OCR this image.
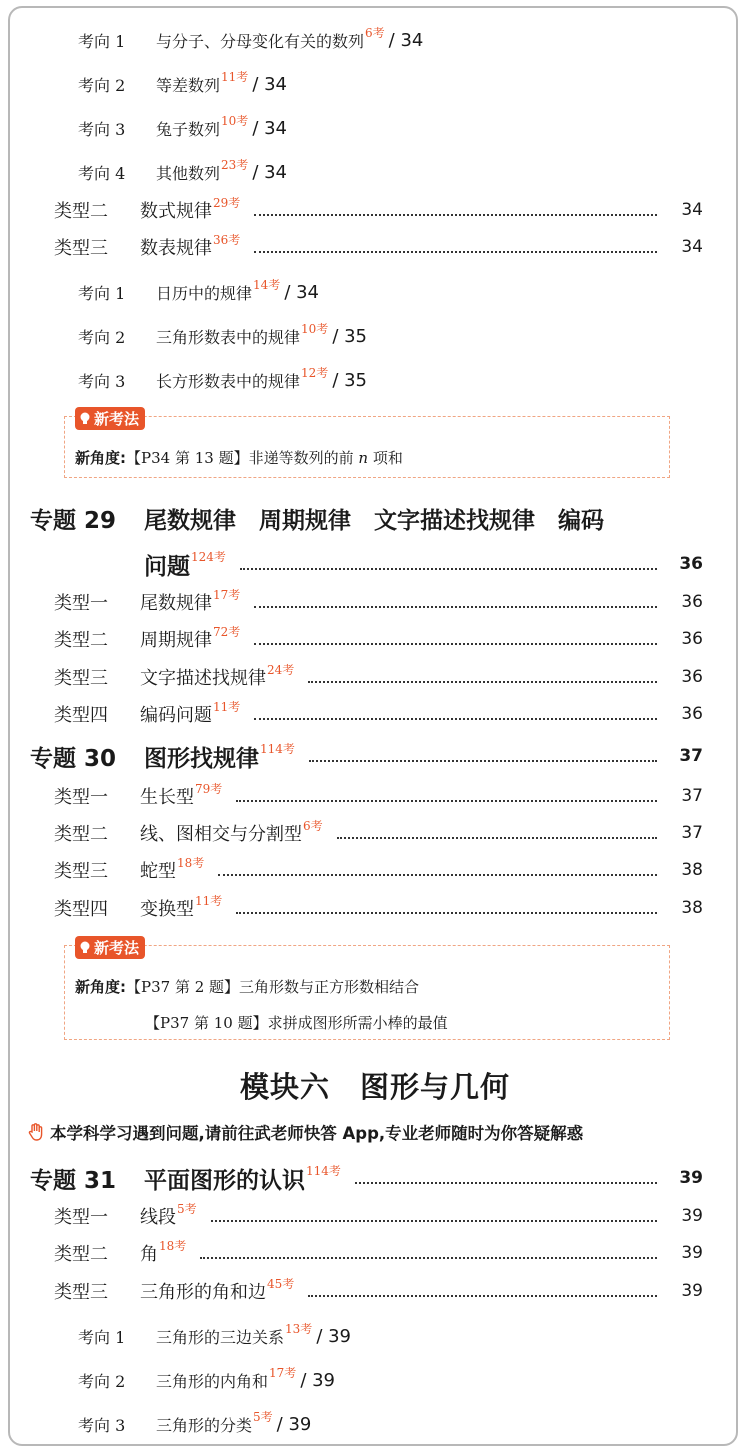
考向 1	与分子、分母变化有关的数列 6考 / 34
考向 2	等差数列 11考 / 34
考向 3	兔子数列 10考 / 34
考向 4	其他数列 23考 / 34
类型二	数式规律 29考	34
类型三	数表规律 36考	34
考向 1	日历中的规律 14考 / 34
考向 2	三角形数表中的规律 10考 / 35
考向 3	长方形数表中的规律 12考 / 35
新考法
新角度:【P34 第 13 题】非递等数列的前 n 项和
专题 29	尾数规律　周期规律　文字描述找规律　编码
问题 124考	36
类型一	尾数规律 17考	36
类型二	周期规律 72考	36
类型三	文字描述找规律 24考	36
类型四	编码问题 11考	36
专题 30	图形找规律 114考	37
类型一	生长型 79考	37
类型二	线、图相交与分割型 6考	37
类型三	蛇型 18考	38
类型四	变换型 11考	38
新考法
新角度:【P37 第 2 题】三角形数与正方形数相结合
【P37 第 10 题】求拼成图形所需小棒的最值
模块六　图形与几何
本学科学习遇到问题,请前往武老师快答 App,专业老师随时为你答疑解惑
专题 31	平面图形的认识 114考	39
类型一	线段 5考	39
类型二	角 18考	39
类型三	三角形的角和边 45考	39
考向 1	三角形的三边关系 13考 / 39
考向 2	三角形的内角和 17考 / 39
考向 3	三角形的分类 5考 / 39
